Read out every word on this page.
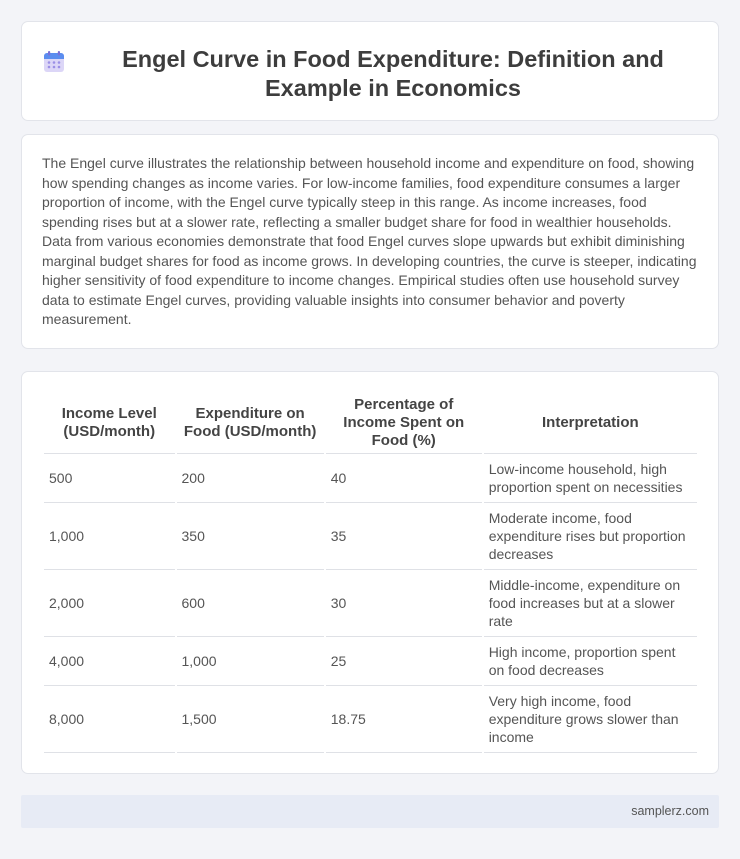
Engel Curve in Food Expenditure: Definition and Example in Economics

The Engel curve illustrates the relationship between household income and expenditure on food, showing how spending changes as income varies. For low-income families, food expenditure consumes a larger proportion of income, with the Engel curve typically steep in this range. As income increases, food spending rises but at a slower rate, reflecting a smaller budget share for food in wealthier households. Data from various economies demonstrate that food Engel curves slope upwards but exhibit diminishing marginal budget shares for food as income grows. In developing countries, the curve is steeper, indicating higher sensitivity of food expenditure to income changes. Empirical studies often use household survey data to estimate Engel curves, providing valuable insights into consumer behavior and poverty measurement.

Income Level (USD/month)	Expenditure on Food (USD/month)	Percentage of Income Spent on Food (%)	Interpretation
500	200	40	Low-income household, high proportion spent on necessities
1,000	350	35	Moderate income, food expenditure rises but proportion decreases
2,000	600	30	Middle-income, expenditure on food increases but at a slower rate
4,000	1,000	25	High income, proportion spent on food decreases
8,000	1,500	18.75	Very high income, food expenditure grows slower than income
samplerz.com
